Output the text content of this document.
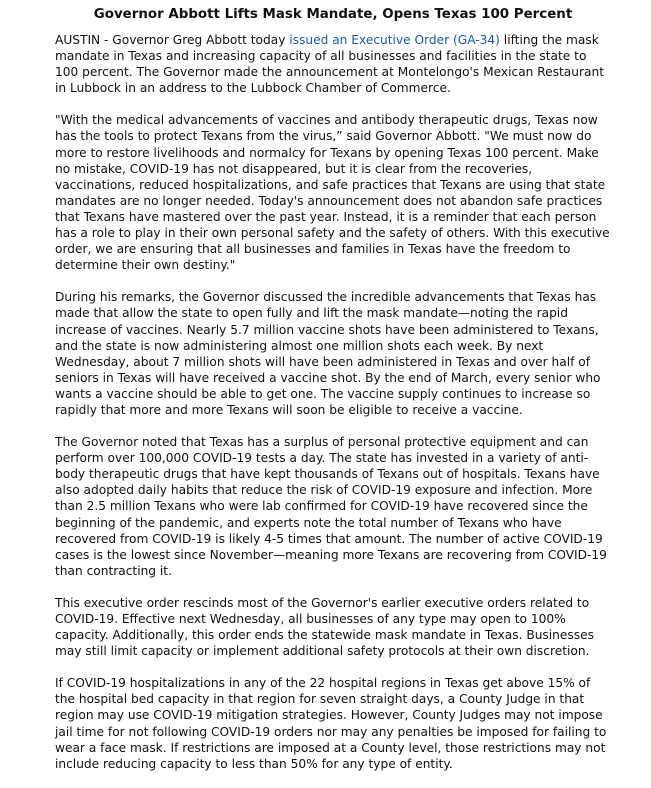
Governor Abbott Lifts Mask Mandate, Opens Texas 100 Percent

AUSTIN - Governor Greg Abbott today issued an Executive Order (GA-34) lifting the mask mandate in Texas and increasing capacity of all businesses and facilities in the state to 100 percent. The Governor made the announcement at Montelongo's Mexican Restaurant in Lubbock in an address to the Lubbock Chamber of Commerce.

"With the medical advancements of vaccines and antibody therapeutic drugs, Texas now has the tools to protect Texans from the virus,” said Governor Abbott. "We must now do more to restore livelihoods and normalcy for Texans by opening Texas 100 percent. Make no mistake, COVID-19 has not disappeared, but it is clear from the recoveries, vaccinations, reduced hospitalizations, and safe practices that Texans are using that state mandates are no longer needed. Today's announcement does not abandon safe practices that Texans have mastered over the past year. Instead, it is a reminder that each person has a role to play in their own personal safety and the safety of others. With this executive order, we are ensuring that all businesses and families in Texas have the freedom to determine their own destiny."

During his remarks, the Governor discussed the incredible advancements that Texas has made that allow the state to open fully and lift the mask mandate—noting the rapid increase of vaccines. Nearly 5.7 million vaccine shots have been administered to Texans, and the state is now administering almost one million shots each week. By next Wednesday, about 7 million shots will have been administered in Texas and over half of seniors in Texas will have received a vaccine shot. By the end of March, every senior who wants a vaccine should be able to get one. The vaccine supply continues to increase so rapidly that more and more Texans will soon be eligible to receive a vaccine.

The Governor noted that Texas has a surplus of personal protective equipment and can perform over 100,000 COVID-19 tests a day. The state has invested in a variety of anti-body therapeutic drugs that have kept thousands of Texans out of hospitals. Texans have also adopted daily habits that reduce the risk of COVID-19 exposure and infection. More than 2.5 million Texans who were lab confirmed for COVID-19 have recovered since the beginning of the pandemic, and experts note the total number of Texans who have recovered from COVID-19 is likely 4-5 times that amount. The number of active COVID-19 cases is the lowest since November—meaning more Texans are recovering from COVID-19 than contracting it.

This executive order rescinds most of the Governor's earlier executive orders related to COVID-19. Effective next Wednesday, all businesses of any type may open to 100% capacity. Additionally, this order ends the statewide mask mandate in Texas. Businesses may still limit capacity or implement additional safety protocols at their own discretion.

If COVID-19 hospitalizations in any of the 22 hospital regions in Texas get above 15% of the hospital bed capacity in that region for seven straight days, a County Judge in that region may use COVID-19 mitigation strategies. However, County Judges may not impose jail time for not following COVID-19 orders nor may any penalties be imposed for failing to wear a face mask. If restrictions are imposed at a County level, those restrictions may not include reducing capacity to less than 50% for any type of entity.
